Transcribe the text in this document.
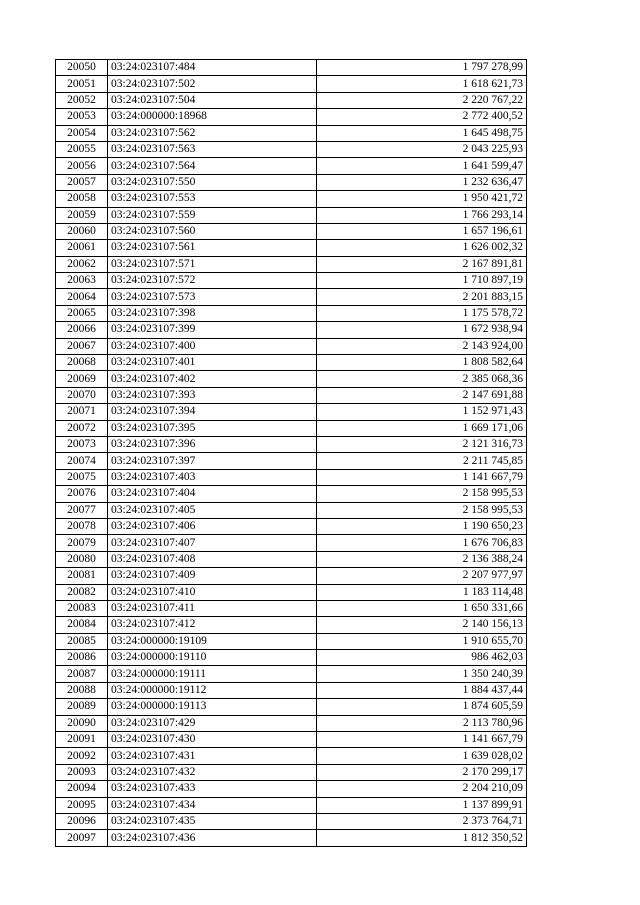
20050	03:24:023107:484	1 797 278,99
20051	03:24:023107:502	1 618 621,73
20052	03:24:023107:504	2 220 767,22
20053	03:24:000000:18968	2 772 400,52
20054	03:24:023107:562	1 645 498,75
20055	03:24:023107:563	2 043 225,93
20056	03:24:023107:564	1 641 599,47
20057	03:24:023107:550	1 232 636,47
20058	03:24:023107:553	1 950 421,72
20059	03:24:023107:559	1 766 293,14
20060	03:24:023107:560	1 657 196,61
20061	03:24:023107:561	1 626 002,32
20062	03:24:023107:571	2 167 891,81
20063	03:24:023107:572	1 710 897,19
20064	03:24:023107:573	2 201 883,15
20065	03:24:023107:398	1 175 578,72
20066	03:24:023107:399	1 672 938,94
20067	03:24:023107:400	2 143 924,00
20068	03:24:023107:401	1 808 582,64
20069	03:24:023107:402	2 385 068,36
20070	03:24:023107:393	2 147 691,88
20071	03:24:023107:394	1 152 971,43
20072	03:24:023107:395	1 669 171,06
20073	03:24:023107:396	2 121 316,73
20074	03:24:023107:397	2 211 745,85
20075	03:24:023107:403	1 141 667,79
20076	03:24:023107:404	2 158 995,53
20077	03:24:023107:405	2 158 995,53
20078	03:24:023107:406	1 190 650,23
20079	03:24:023107:407	1 676 706,83
20080	03:24:023107:408	2 136 388,24
20081	03:24:023107:409	2 207 977,97
20082	03:24:023107:410	1 183 114,48
20083	03:24:023107:411	1 650 331,66
20084	03:24:023107:412	2 140 156,13
20085	03:24:000000:19109	1 910 655,70
20086	03:24:000000:19110	986 462,03
20087	03:24:000000:19111	1 350 240,39
20088	03:24:000000:19112	1 884 437,44
20089	03:24:000000:19113	1 874 605,59
20090	03:24:023107:429	2 113 780,96
20091	03:24:023107:430	1 141 667,79
20092	03:24:023107:431	1 639 028,02
20093	03:24:023107:432	2 170 299,17
20094	03:24:023107:433	2 204 210,09
20095	03:24:023107:434	1 137 899,91
20096	03:24:023107:435	2 373 764,71
20097	03:24:023107:436	1 812 350,52
